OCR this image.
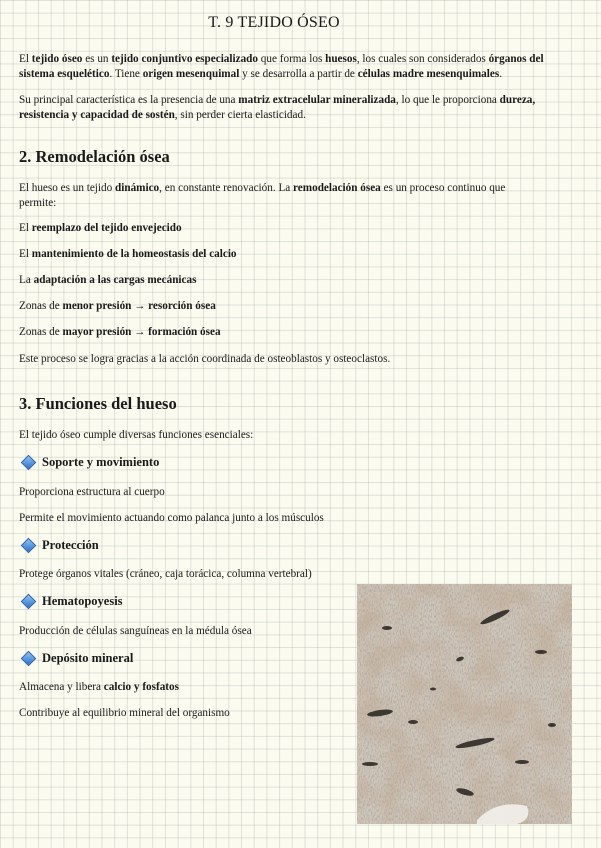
T. 9 TEJIDO ÓSEO
El tejido óseo es un tejido conjuntivo especializado que forma los huesos, los cuales son considerados órganos del sistema esquelético. Tiene origen mesenquimal y se desarrolla a partir de células madre mesenquimales.
Su principal característica es la presencia de una matriz extracelular mineralizada, lo que le proporciona dureza, resistencia y capacidad de sostén, sin perder cierta elasticidad.
2. Remodelación ósea
El hueso es un tejido dinámico, en constante renovación. La remodelación ósea es un proceso continuo que permite:
El reemplazo del tejido envejecido
El mantenimiento de la homeostasis del calcio
La adaptación a las cargas mecánicas
Zonas de menor presión → resorción ósea
Zonas de mayor presión → formación ósea
Este proceso se logra gracias a la acción coordinada de osteoblastos y osteoclastos.
3. Funciones del hueso
El tejido óseo cumple diversas funciones esenciales:
Soporte y movimiento
Proporciona estructura al cuerpo
Permite el movimiento actuando como palanca junto a los músculos
Protección
Protege órganos vitales (cráneo, caja torácica, columna vertebral)
Hematopoyesis
Producción de células sanguíneas en la médula ósea
Depósito mineral
Almacena y libera calcio y fosfatos
Contribuye al equilibrio mineral del organismo
